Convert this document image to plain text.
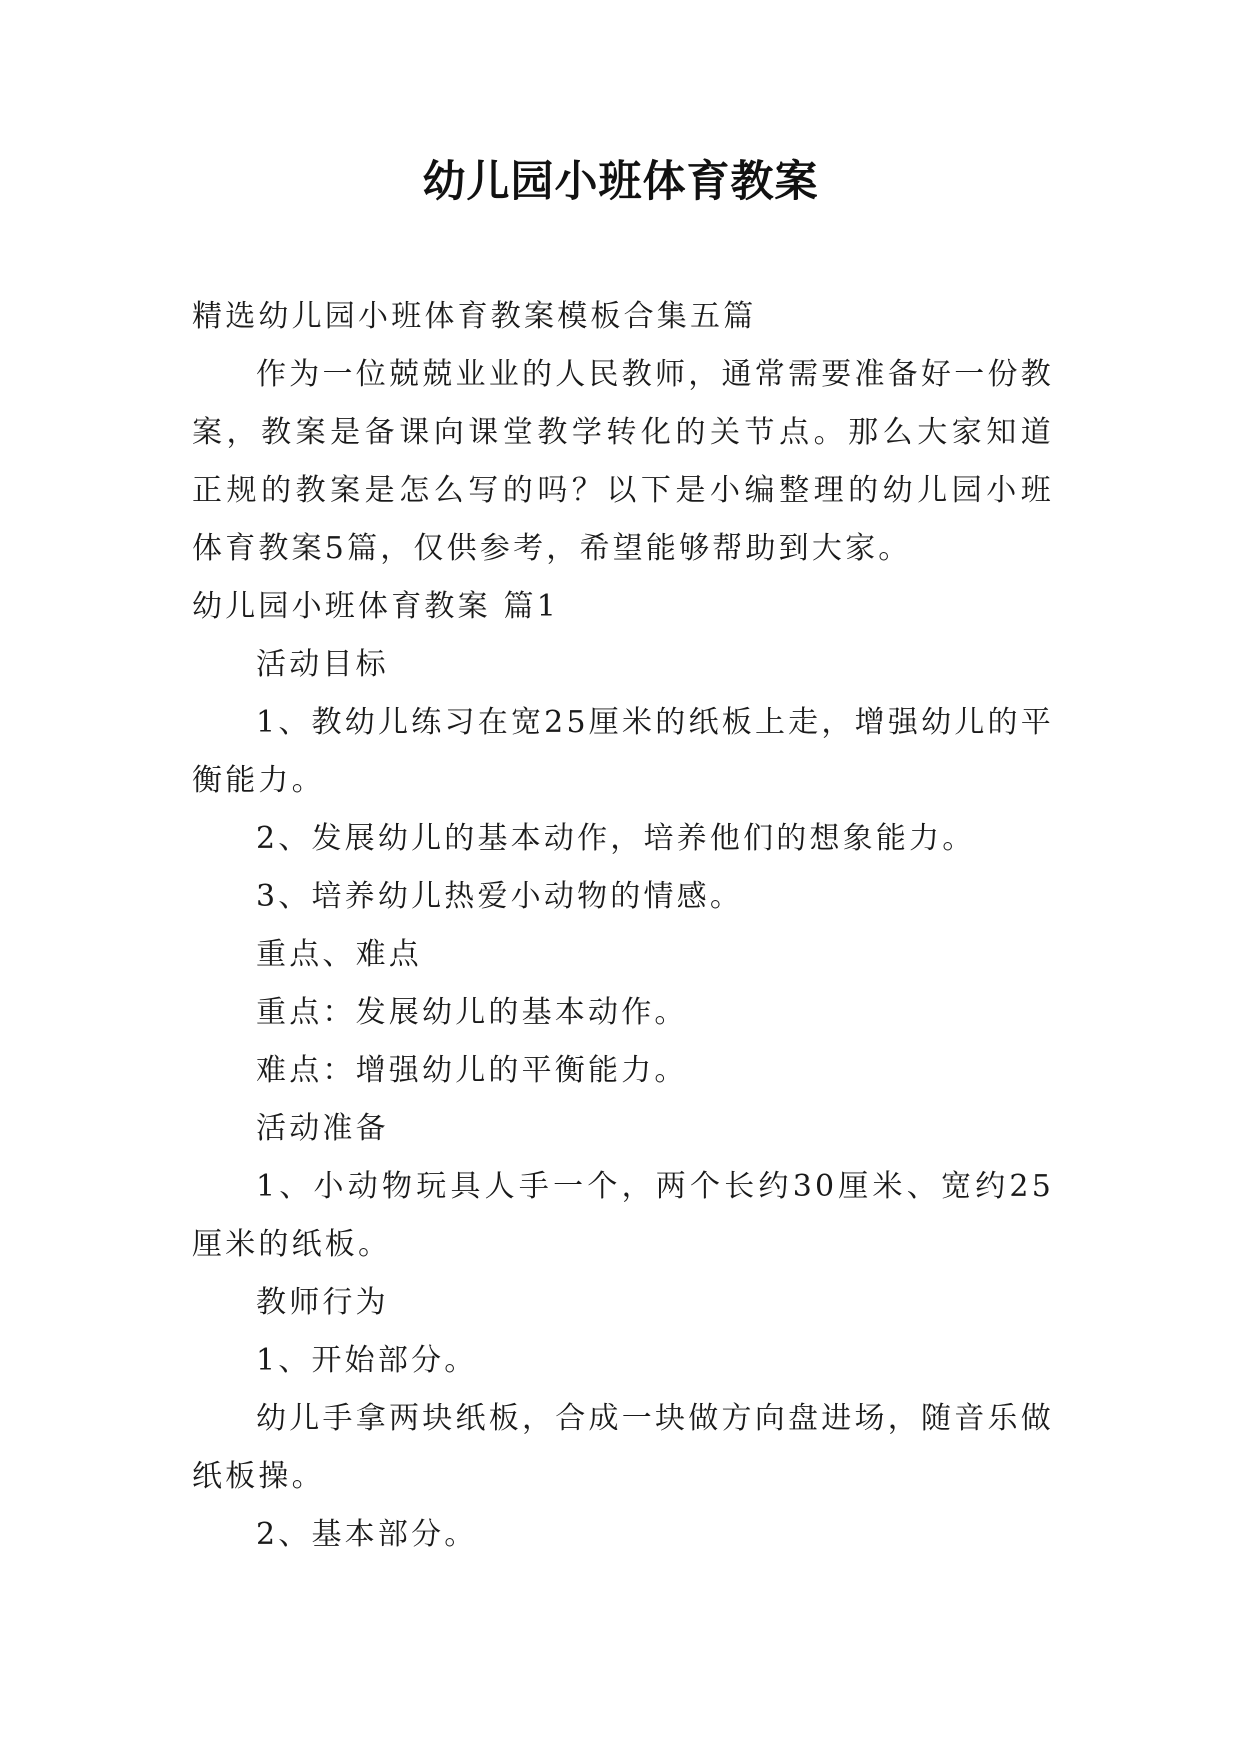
幼儿园小班体育教案

精选幼儿园小班体育教案模板合集五篇

作为一位兢兢业业的人民教师，通常需要准备好一份教案，教案是备课向课堂教学转化的关节点。那么大家知道正规的教案是怎么写的吗？以下是小编整理的幼儿园小班体育教案5篇，仅供参考，希望能够帮助到大家。

幼儿园小班体育教案 篇1

活动目标

1、教幼儿练习在宽25厘米的纸板上走，增强幼儿的平衡能力。

2、发展幼儿的基本动作，培养他们的想象能力。

3、培养幼儿热爱小动物的情感。

重点、难点

重点：发展幼儿的基本动作。

难点：增强幼儿的平衡能力。

活动准备

1、小动物玩具人手一个，两个长约30厘米、宽约25厘米的纸板。

教师行为

1、开始部分。

幼儿手拿两块纸板，合成一块做方向盘进场，随音乐做纸板操。

2、基本部分。
